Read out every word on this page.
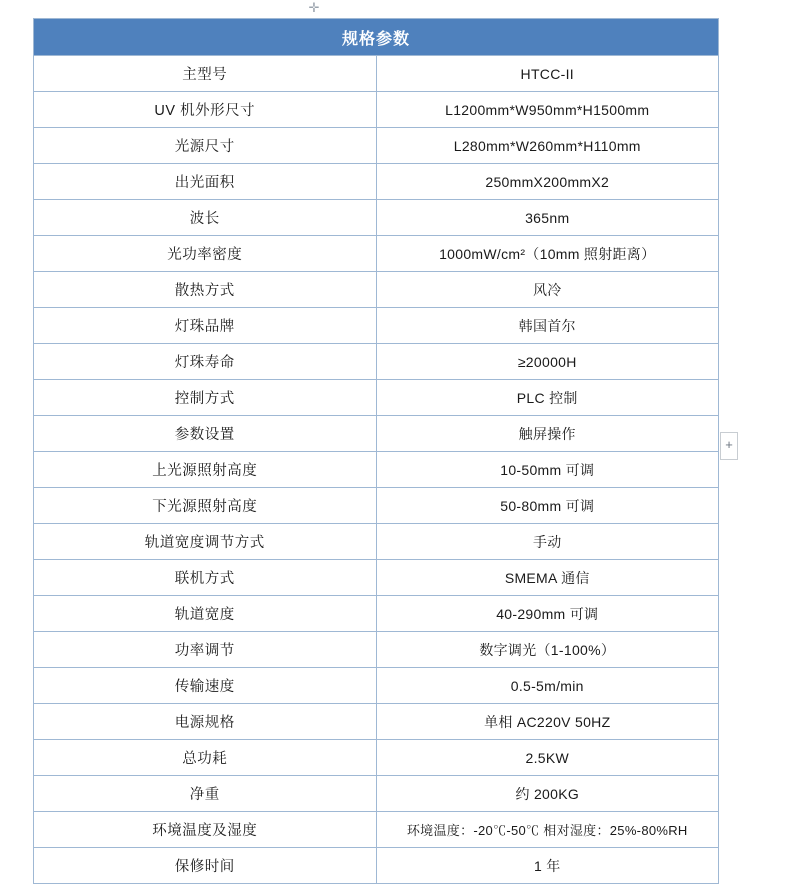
✛
+
规格参数	
主型号	HTCC-II
UV 机外形尺寸	L1200mm*W950mm*H1500mm
光源尺寸	L280mm*W260mm*H110mm
出光面积	250mmX200mmX2
波长	365nm
光功率密度	1000mW/cm²（10mm 照射距离）
散热方式	风冷
灯珠品牌	韩国首尔
灯珠寿命	≥20000H
控制方式	PLC 控制
参数设置	触屏操作
上光源照射高度	10-50mm 可调
下光源照射高度	50-80mm 可调
轨道宽度调节方式	手动
联机方式	SMEMA 通信
轨道宽度	40-290mm 可调
功率调节	数字调光（1-100%）
传输速度	0.5-5m/min
电源规格	单相 AC220V 50HZ
总功耗	2.5KW
净重	约 200KG
环境温度及湿度	环境温度：-20℃-50℃ 相对湿度：25%-80%RH
保修时间	1 年
